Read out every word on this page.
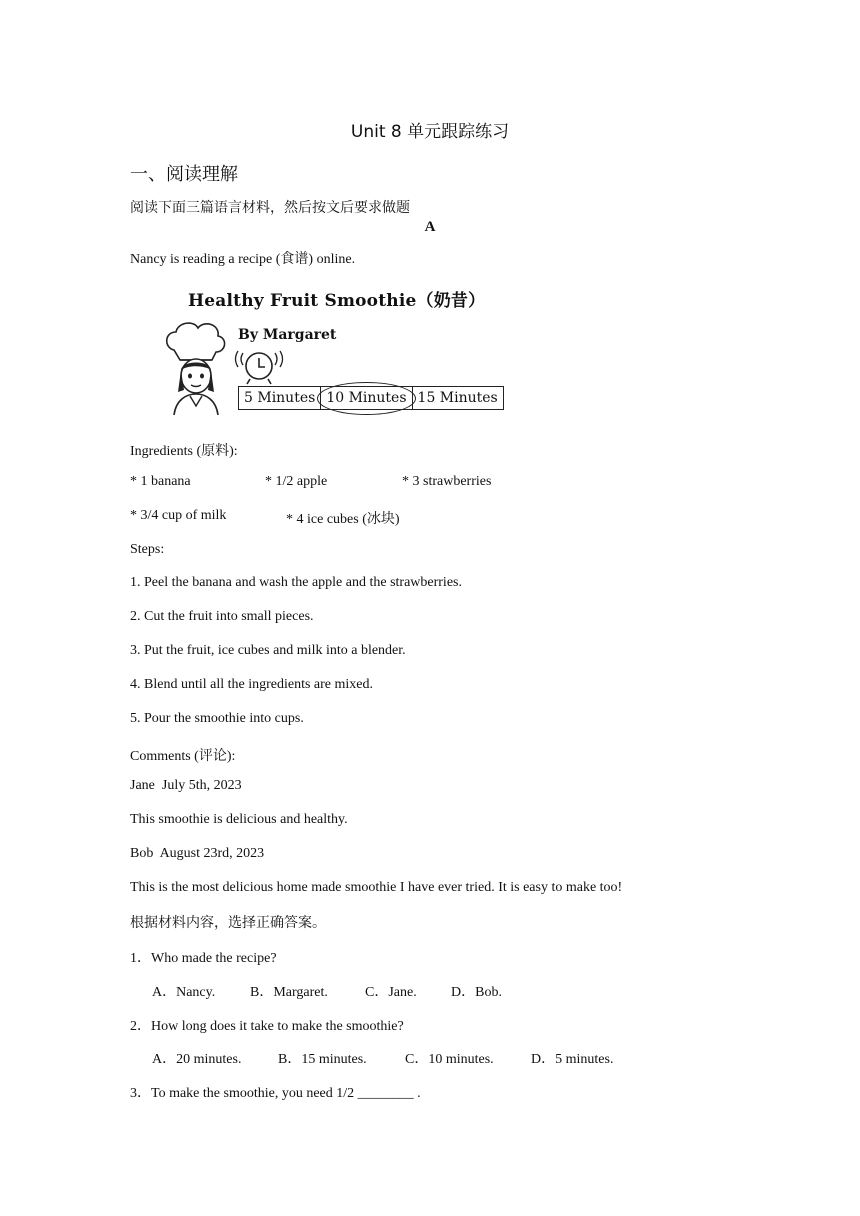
Unit 8 单元跟踪练习
一、阅读理解
阅读下面三篇语言材料，然后按文后要求做题
A
Nancy is reading a recipe (食谱) online.
Healthy Fruit Smoothie（奶昔）
By Margaret
5 Minutes 10 Minutes 15 Minutes
Ingredients (原料):
* 1 banana	* 1/2 apple	* 3 strawberries
* 3/4 cup of milk	* 4 ice cubes (冰块)
Steps:
1. Peel the banana and wash the apple and the strawberries.
2. Cut the fruit into small pieces.
3. Put the fruit, ice cubes and milk into a blender.
4. Blend until all the ingredients are mixed.
5. Pour the smoothie into cups.
Comments (评论):
Jane  July 5th, 2023
This smoothie is delicious and healthy.
Bob  August 23rd, 2023
This is the most delicious home made smoothie I have ever tried. It is easy to make too!
根据材料内容，选择正确答案。
1．Who made the recipe?
A．Nancy. B．Margaret.	C．Jane. D．Bob.
2．How long does it take to make the smoothie?
A．20 minutes.	B．15 minutes.	C．10 minutes.	D．5 minutes.
3．To make the smoothie, you need 1/2 ________ .
